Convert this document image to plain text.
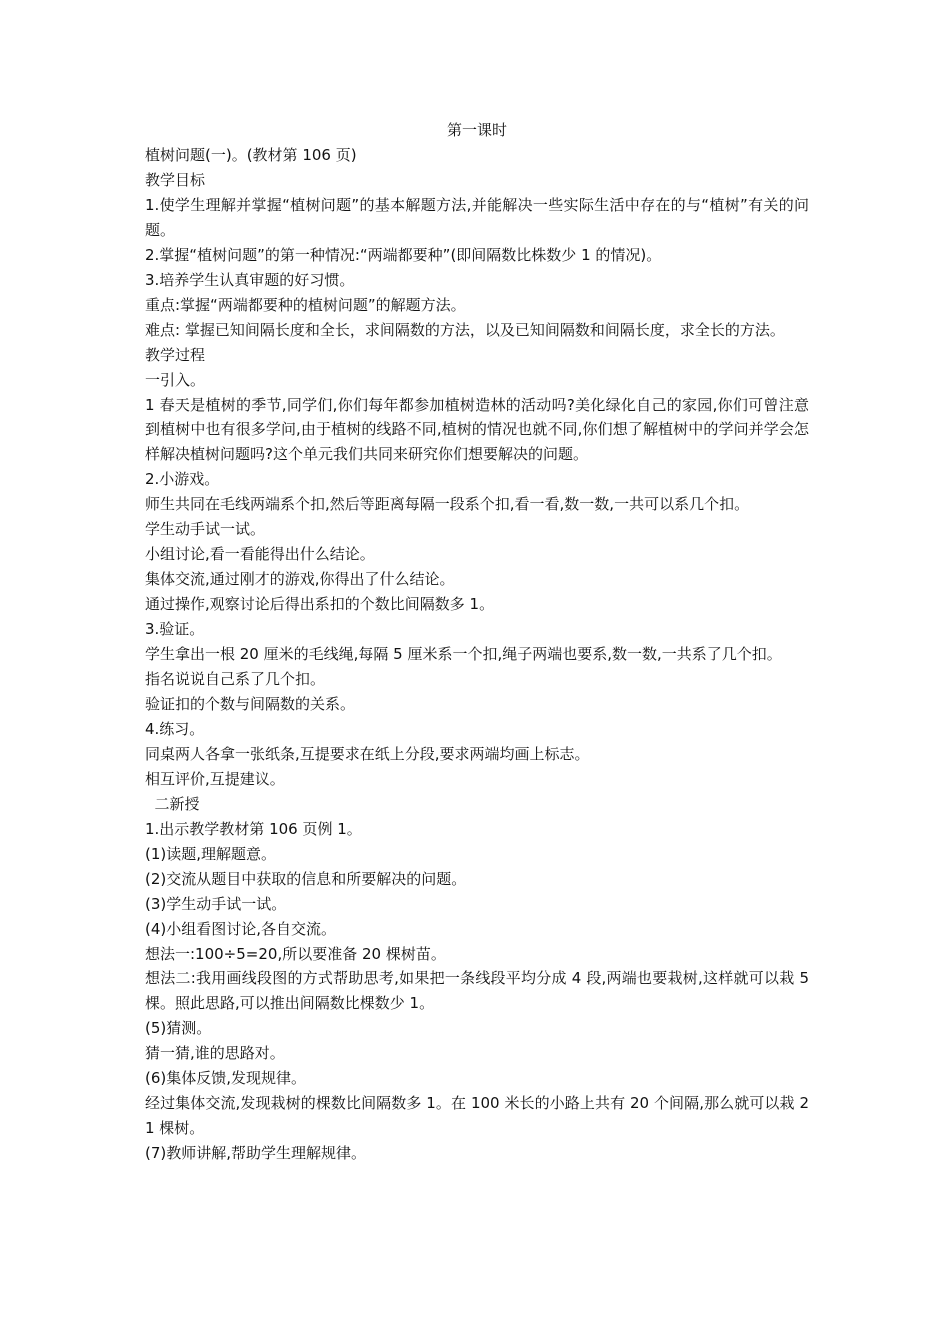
第一课时
植树问题(一)。(教材第 106 页)
教学目标
1.使学生理解并掌握“植树问题”的基本解题方法,并能解决一些实际生活中存在的与“植树”有关的问题。
2.掌握“植树问题”的第一种情况:“两端都要种”(即间隔数比株数少 1 的情况)。
3.培养学生认真审题的好习惯。
重点:掌握“两端都要种的植树问题”的解题方法。
难点: 掌握已知间隔长度和全长，求间隔数的方法，以及已知间隔数和间隔长度，求全长的方法。
教学过程
一引入。
1 春天是植树的季节,同学们,你们每年都参加植树造林的活动吗?美化绿化自己的家园,你们可曾注意到植树中也有很多学问,由于植树的线路不同,植树的情况也就不同,你们想了解植树中的学问并学会怎样解决植树问题吗?这个单元我们共同来研究你们想要解决的问题。
2.小游戏。
师生共同在毛线两端系个扣,然后等距离每隔一段系个扣,看一看,数一数,一共可以系几个扣。
学生动手试一试。
小组讨论,看一看能得出什么结论。
集体交流,通过刚才的游戏,你得出了什么结论。
通过操作,观察讨论后得出系扣的个数比间隔数多 1。
3.验证。
学生拿出一根 20 厘米的毛线绳,每隔 5 厘米系一个扣,绳子两端也要系,数一数,一共系了几个扣。
指名说说自己系了几个扣。
验证扣的个数与间隔数的关系。
4.练习。
同桌两人各拿一张纸条,互提要求在纸上分段,要求两端均画上标志。
相互评价,互提建议。
二新授
1.出示教学教材第 106 页例 1。
(1)读题,理解题意。
(2)交流从题目中获取的信息和所要解决的问题。
(3)学生动手试一试。
(4)小组看图讨论,各自交流。
想法一:100÷5=20,所以要准备 20 棵树苗。
想法二:我用画线段图的方式帮助思考,如果把一条线段平均分成 4 段,两端也要栽树,这样就可以栽 5 棵。照此思路,可以推出间隔数比棵数少 1。
(5)猜测。
猜一猜,谁的思路对。
(6)集体反馈,发现规律。
经过集体交流,发现栽树的棵数比间隔数多 1。在 100 米长的小路上共有 20 个间隔,那么就可以栽 21 棵树。
(7)教师讲解,帮助学生理解规律。
